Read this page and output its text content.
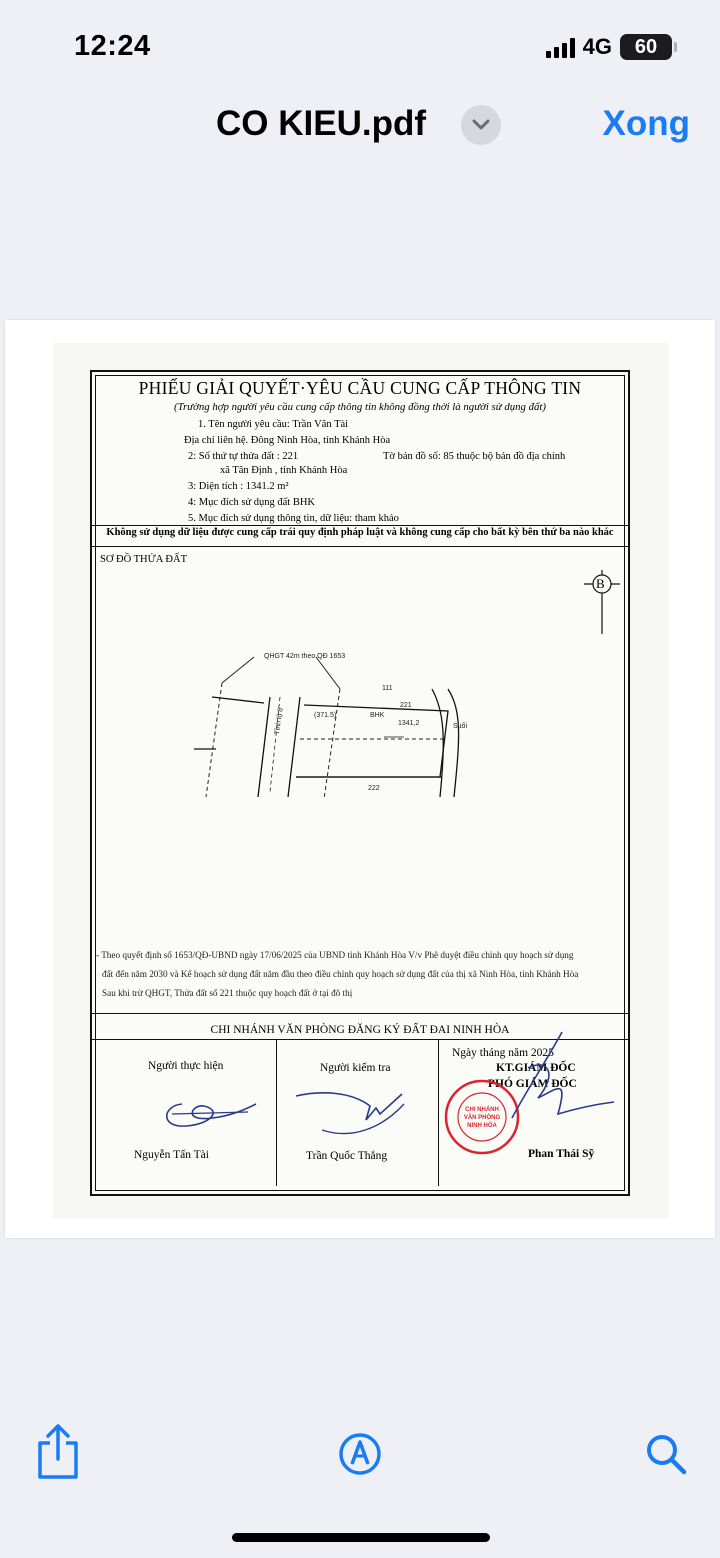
12:24	4G	60
CO KIEU.pdf	Xong
PHIẾU GIẢI QUYẾT·YÊU CẦU CUNG CẤP THÔNG TIN
(Trường hợp người yêu cầu cung cấp thông tin không đồng thời là người sử dụng đất)
1. Tên người yêu cầu: Trần Văn Tài
Địa chỉ liên hệ. Đông Ninh Hòa, tỉnh Khánh Hòa
2: Số thứ tự thửa đất : 221	Tờ bản đồ số: 85 thuộc bộ bản đồ địa chính
xã Tân Định , tỉnh Khánh Hòa
3: Diện tích : 1341.2 m²
4: Mục đích sử dụng đất BHK
5. Mục đích sử dụng thông tin, dữ liệu: tham khảo
Không sử dụng dữ liệu được cung cấp trái quy định pháp luật và không cung cấp cho bất kỳ bên thứ ba nào khác
SƠ ĐỒ THỬA ĐẤT
B
QHGT 42m theo QĐ 1653
111
221
BHK
1341,2
(371.5)
Tỉnh lộ 8	Suối
222
- Theo quyết định số 1653/QĐ-UBND ngày 17/06/2025 của UBND tỉnh Khánh Hòa V/v Phê duyệt điều chỉnh quy hoạch sử dụng
đất đến năm 2030 và Kế hoạch sử dụng đất năm đầu theo điều chỉnh quy hoạch sử dụng đất của thị xã Ninh Hòa, tỉnh Khánh Hòa
Sau khi trừ QHGT, Thửa đất số 221 thuộc quy hoạch đất ở tại đô thị
CHI NHÁNH VĂN PHÒNG ĐĂNG KÝ ĐẤT ĐAI NINH HÒA
Người thực hiện	Người kiểm tra
Ngày tháng năm 2025
KT.GIÁM ĐỐC
PHÓ GIÁM ĐỐC
CHI NHÁNH
VĂN PHÒNG
NINH HÒA
Nguyễn Tấn Tài	Trần Quốc Thắng	Phan Thái Sỹ
